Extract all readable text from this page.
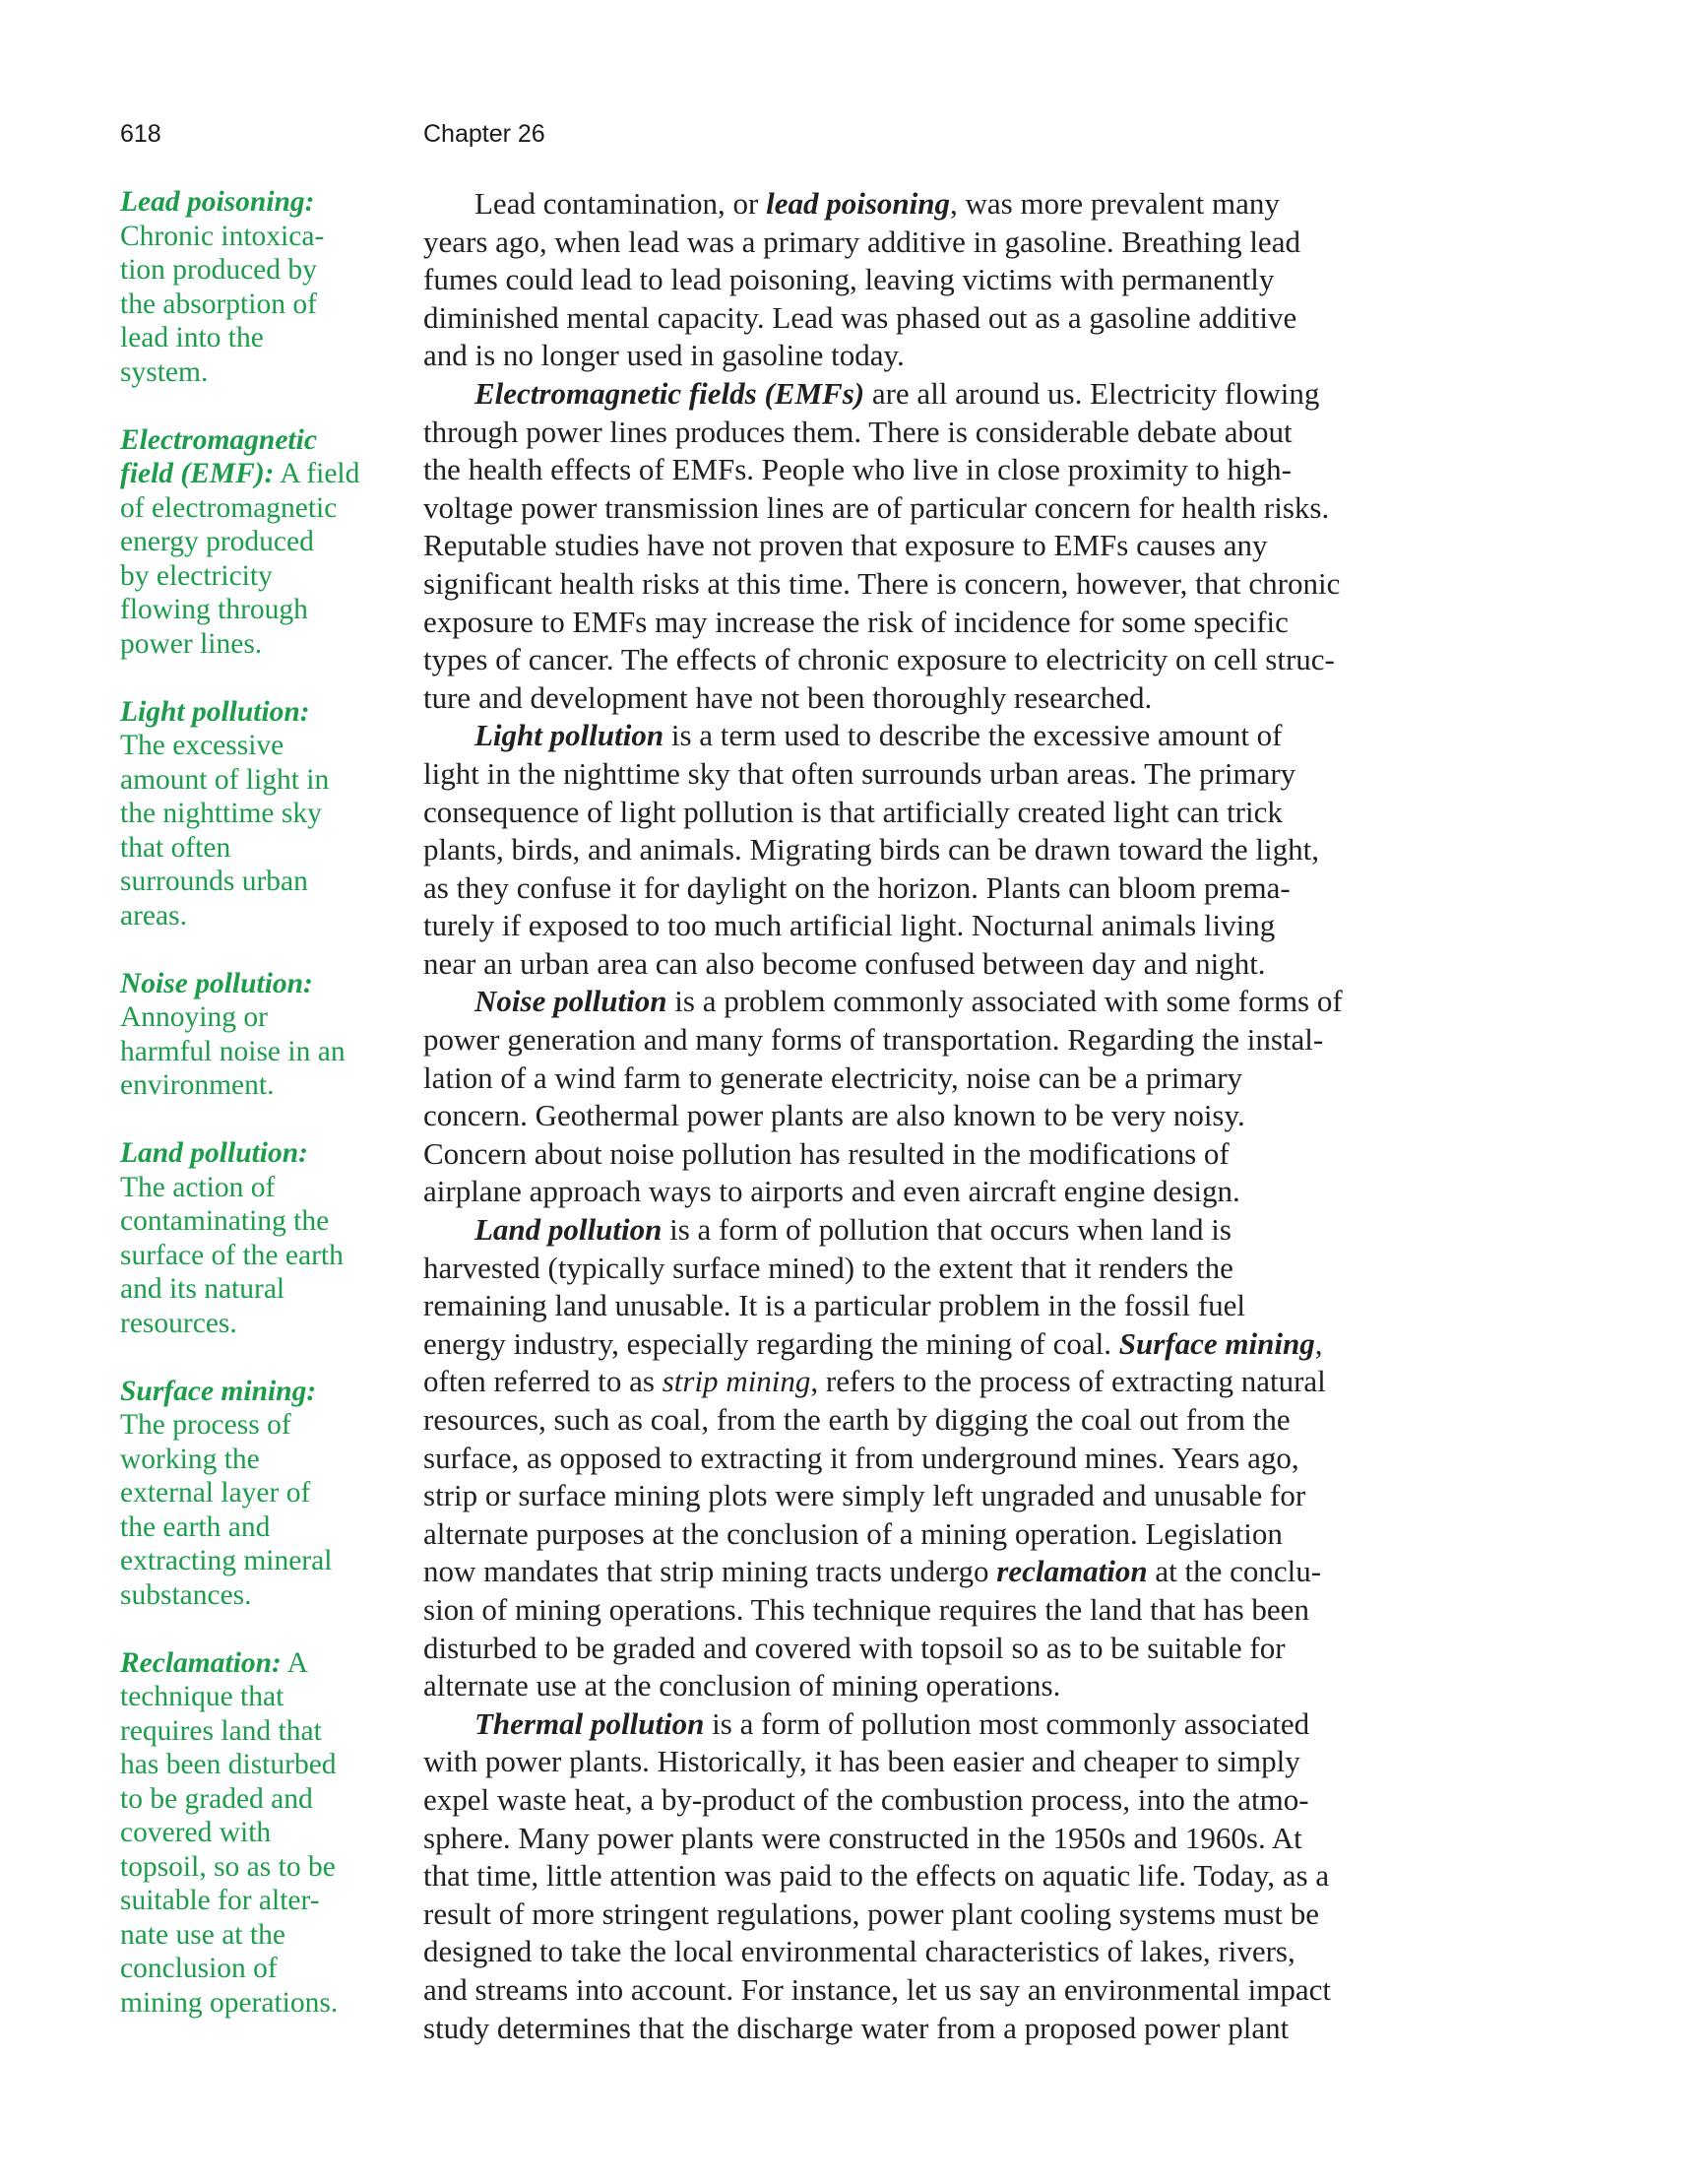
618	Chapter 26
Lead poisoning:
Chronic intoxica-
tion produced by
the absorption of
lead into the
system.
Electromagnetic
field (EMF): A field
of electromagnetic
energy produced
by electricity
flowing through
power lines.
Light pollution:
The excessive
amount of light in
the nighttime sky
that often
surrounds urban
areas.
Noise pollution:
Annoying or
harmful noise in an
environment.
Land pollution:
The action of
contaminating the
surface of the earth
and its natural
resources.
Surface mining:
The process of
working the
external layer of
the earth and
extracting mineral
substances.
Reclamation: A
technique that
requires land that
has been disturbed
to be graded and
covered with
topsoil, so as to be
suitable for alter-
nate use at the
conclusion of
mining operations.

Lead contamination, or lead poisoning, was more prevalent many
years ago, when lead was a primary additive in gasoline. Breathing lead
fumes could lead to lead poisoning, leaving victims with permanently
diminished mental capacity. Lead was phased out as a gasoline additive
and is no longer used in gasoline today.

Electromagnetic fields (EMFs) are all around us. Electricity flowing
through power lines produces them. There is considerable debate about
the health effects of EMFs. People who live in close proximity to high-
voltage power transmission lines are of particular concern for health risks.
Reputable studies have not proven that exposure to EMFs causes any
significant health risks at this time. There is concern, however, that chronic
exposure to EMFs may increase the risk of incidence for some specific
types of cancer. The effects of chronic exposure to electricity on cell struc-
ture and development have not been thoroughly researched.

Light pollution is a term used to describe the excessive amount of
light in the nighttime sky that often surrounds urban areas. The primary
consequence of light pollution is that artificially created light can trick
plants, birds, and animals. Migrating birds can be drawn toward the light,
as they confuse it for daylight on the horizon. Plants can bloom prema-
turely if exposed to too much artificial light. Nocturnal animals living
near an urban area can also become confused between day and night.

Noise pollution is a problem commonly associated with some forms of
power generation and many forms of transportation. Regarding the instal-
lation of a wind farm to generate electricity, noise can be a primary
concern. Geothermal power plants are also known to be very noisy.
Concern about noise pollution has resulted in the modifications of
airplane approach ways to airports and even aircraft engine design.

Land pollution is a form of pollution that occurs when land is
harvested (typically surface mined) to the extent that it renders the
remaining land unusable. It is a particular problem in the fossil fuel
energy industry, especially regarding the mining of coal. Surface mining,
often referred to as strip mining, refers to the process of extracting natural
resources, such as coal, from the earth by digging the coal out from the
surface, as opposed to extracting it from underground mines. Years ago,
strip or surface mining plots were simply left ungraded and unusable for
alternate purposes at the conclusion of a mining operation. Legislation
now mandates that strip mining tracts undergo reclamation at the conclu-
sion of mining operations. This technique requires the land that has been
disturbed to be graded and covered with topsoil so as to be suitable for
alternate use at the conclusion of mining operations.

Thermal pollution is a form of pollution most commonly associated
with power plants. Historically, it has been easier and cheaper to simply
expel waste heat, a by-product of the combustion process, into the atmo-
sphere. Many power plants were constructed in the 1950s and 1960s. At
that time, little attention was paid to the effects on aquatic life. Today, as a
result of more stringent regulations, power plant cooling systems must be
designed to take the local environmental characteristics of lakes, rivers,
and streams into account. For instance, let us say an environmental impact
study determines that the discharge water from a proposed power plant
